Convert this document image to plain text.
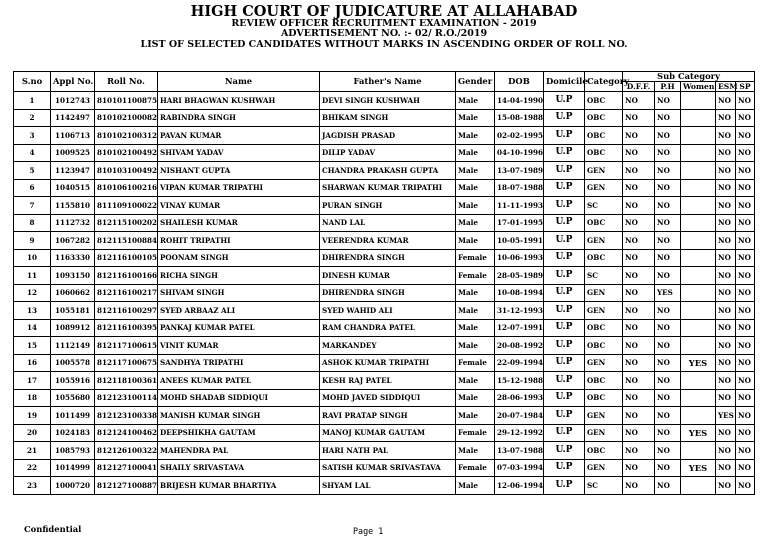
HIGH COURT OF JUDICATURE AT ALLAHABAD
REVIEW OFFICER RECRUITMENT EXAMINATION - 2019
ADVERTISEMENT NO. :- 02/ R.O./2019
LIST OF SELECTED CANDIDATES WITHOUT MARKS IN ASCENDING ORDER OF ROLL NO.
S.no	Appl No.	Roll No.	Name	Father's Name	Gender	DOB	Domicile	Category	Sub Category				
									D.F.F.	P.H	Women	ESM	SP
1	1012743	810101100875	HARI BHAGWAN KUSHWAH	DEVI SINGH KUSHWAH	Male	14-04-1990	U.P	OBC	NO	NO		NO	NO
2	1142497	810102100082	RABINDRA SINGH	BHIKAM SINGH	Male	15-08-1988	U.P	OBC	NO	NO		NO	NO
3	1106713	810102100312	PAVAN KUMAR	JAGDISH PRASAD	Male	02-02-1995	U.P	OBC	NO	NO		NO	NO
4	1009525	810102100492	SHIVAM YADAV	DILIP YADAV	Male	04-10-1996	U.P	OBC	NO	NO		NO	NO
5	1123947	810103100492	NISHANT GUPTA	CHANDRA PRAKASH GUPTA	Male	13-07-1989	U.P	GEN	NO	NO		NO	NO
6	1040515	810106100216	VIPAN KUMAR TRIPATHI	SHARWAN KUMAR TRIPATHI	Male	18-07-1988	U.P	GEN	NO	NO		NO	NO
7	1155810	811109100022	VINAY KUMAR	PURAN SINGH	Male	11-11-1993	U.P	SC	NO	NO		NO	NO
8	1112732	812115100202	SHAILESH KUMAR	NAND LAL	Male	17-01-1995	U.P	OBC	NO	NO		NO	NO
9	1067282	812115100884	ROHIT TRIPATHI	VEERENDRA KUMAR	Male	10-05-1991	U.P	GEN	NO	NO		NO	NO
10	1163330	812116100105	POONAM SINGH	DHIRENDRA SINGH	Female	10-06-1993	U.P	OBC	NO	NO		NO	NO
11	1093150	812116100166	RICHA SINGH	DINESH KUMAR	Female	28-05-1989	U.P	SC	NO	NO		NO	NO
12	1060662	812116100217	SHIVAM SINGH	DHIRENDRA SINGH	Male	10-08-1994	U.P	GEN	NO	YES		NO	NO
13	1055181	812116100297	SYED ARBAAZ ALI	SYED WAHID ALI	Male	31-12-1993	U.P	GEN	NO	NO		NO	NO
14	1089912	812116100395	PANKAJ KUMAR PATEL	RAM CHANDRA PATEL	Male	12-07-1991	U.P	OBC	NO	NO		NO	NO
15	1112149	812117100615	VINIT KUMAR	MARKANDEY	Male	20-08-1992	U.P	OBC	NO	NO		NO	NO
16	1005578	812117100675	SANDHYA TRIPATHI	ASHOK KUMAR TRIPATHI	Female	22-09-1994	U.P	GEN	NO	NO	YES	NO	NO
17	1055916	812118100361	ANEES KUMAR PATEL	KESH RAJ PATEL	Male	15-12-1988	U.P	OBC	NO	NO		NO	NO
18	1055680	812123100114	MOHD SHADAB SIDDIQUI	MOHD JAVED SIDDIQUI	Male	28-06-1993	U.P	OBC	NO	NO		NO	NO
19	1011499	812123100338	MANISH KUMAR SINGH	RAVI PRATAP SINGH	Male	20-07-1984	U.P	GEN	NO	NO		YES	NO
20	1024183	812124100462	DEEPSHIKHA GAUTAM	MANOJ KUMAR GAUTAM	Female	29-12-1992	U.P	GEN	NO	NO	YES	NO	NO
21	1085793	812126100322	MAHENDRA PAL	HARI NATH PAL	Male	13-07-1988	U.P	OBC	NO	NO		NO	NO
22	1014999	812127100041	SHAILY SRIVASTAVA	SATISH KUMAR SRIVASTAVA	Female	07-03-1994	U.P	GEN	NO	NO	YES	NO	NO
23	1000720	812127100887	BRIJESH KUMAR BHARTIYA	SHYAM LAL	Male	12-06-1994	U.P	SC	NO	NO		NO	NO
Confidential	Page 1
